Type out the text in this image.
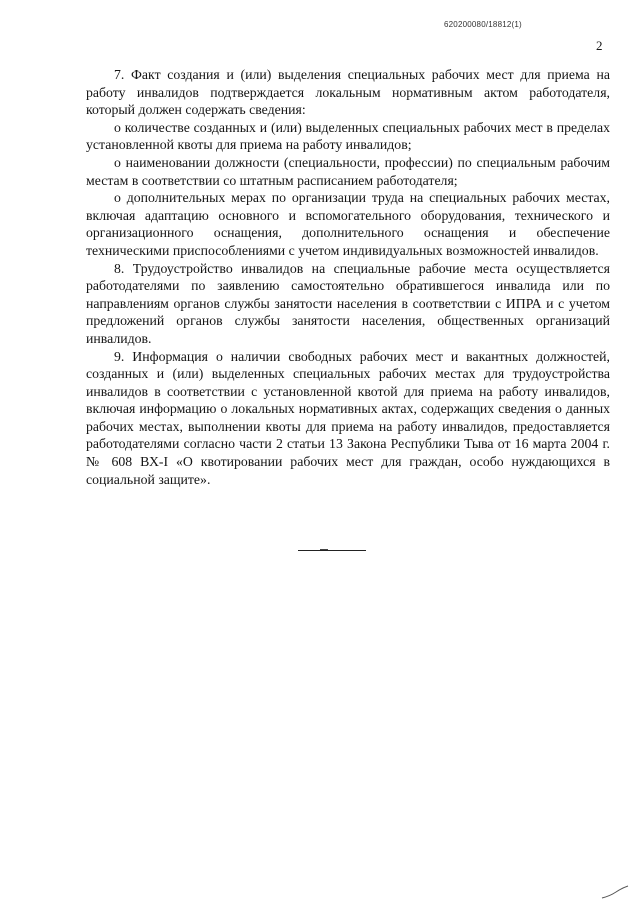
620200080/18812(1)
2

7. Факт создания и (или) выделения специальных рабочих мест для приема на работу инвалидов подтверждается локальным нормативным актом работодателя, который должен содержать сведения:

о количестве созданных и (или) выделенных специальных рабочих мест в пределах установленной квоты для приема на работу инвалидов;

о наименовании должности (специальности, профессии) по специальным рабочим местам в соответствии со штатным расписанием работодателя;

о дополнительных мерах по организации труда на специальных рабочих местах, включая адаптацию основного и вспомогательного оборудования, технического и организационного оснащения, дополнительного оснащения и обеспечение техническими приспособлениями с учетом индивидуальных возможностей инвалидов.

8. Трудоустройство инвалидов на специальные рабочие места осуществляется работодателями по заявлению самостоятельно обратившегося инвалида или по направлениям органов службы занятости населения в соответствии с ИПРА и с учетом предложений органов службы занятости населения, общественных организаций инвалидов.

9. Информация о наличии свободных рабочих мест и вакантных должностей, созданных и (или) выделенных специальных рабочих местах для трудоустройства инвалидов в соответствии с установленной квотой для приема на работу инвалидов, включая информацию о локальных нормативных актах, содержащих сведения о данных рабочих местах, выполнении квоты для приема на работу инвалидов, предоставляется работодателями согласно части 2 статьи 13 Закона Республики Тыва от 16 марта 2004 г. № 608 ВХ-I «О квотировании рабочих мест для граждан, особо нуждающихся в социальной защите».
